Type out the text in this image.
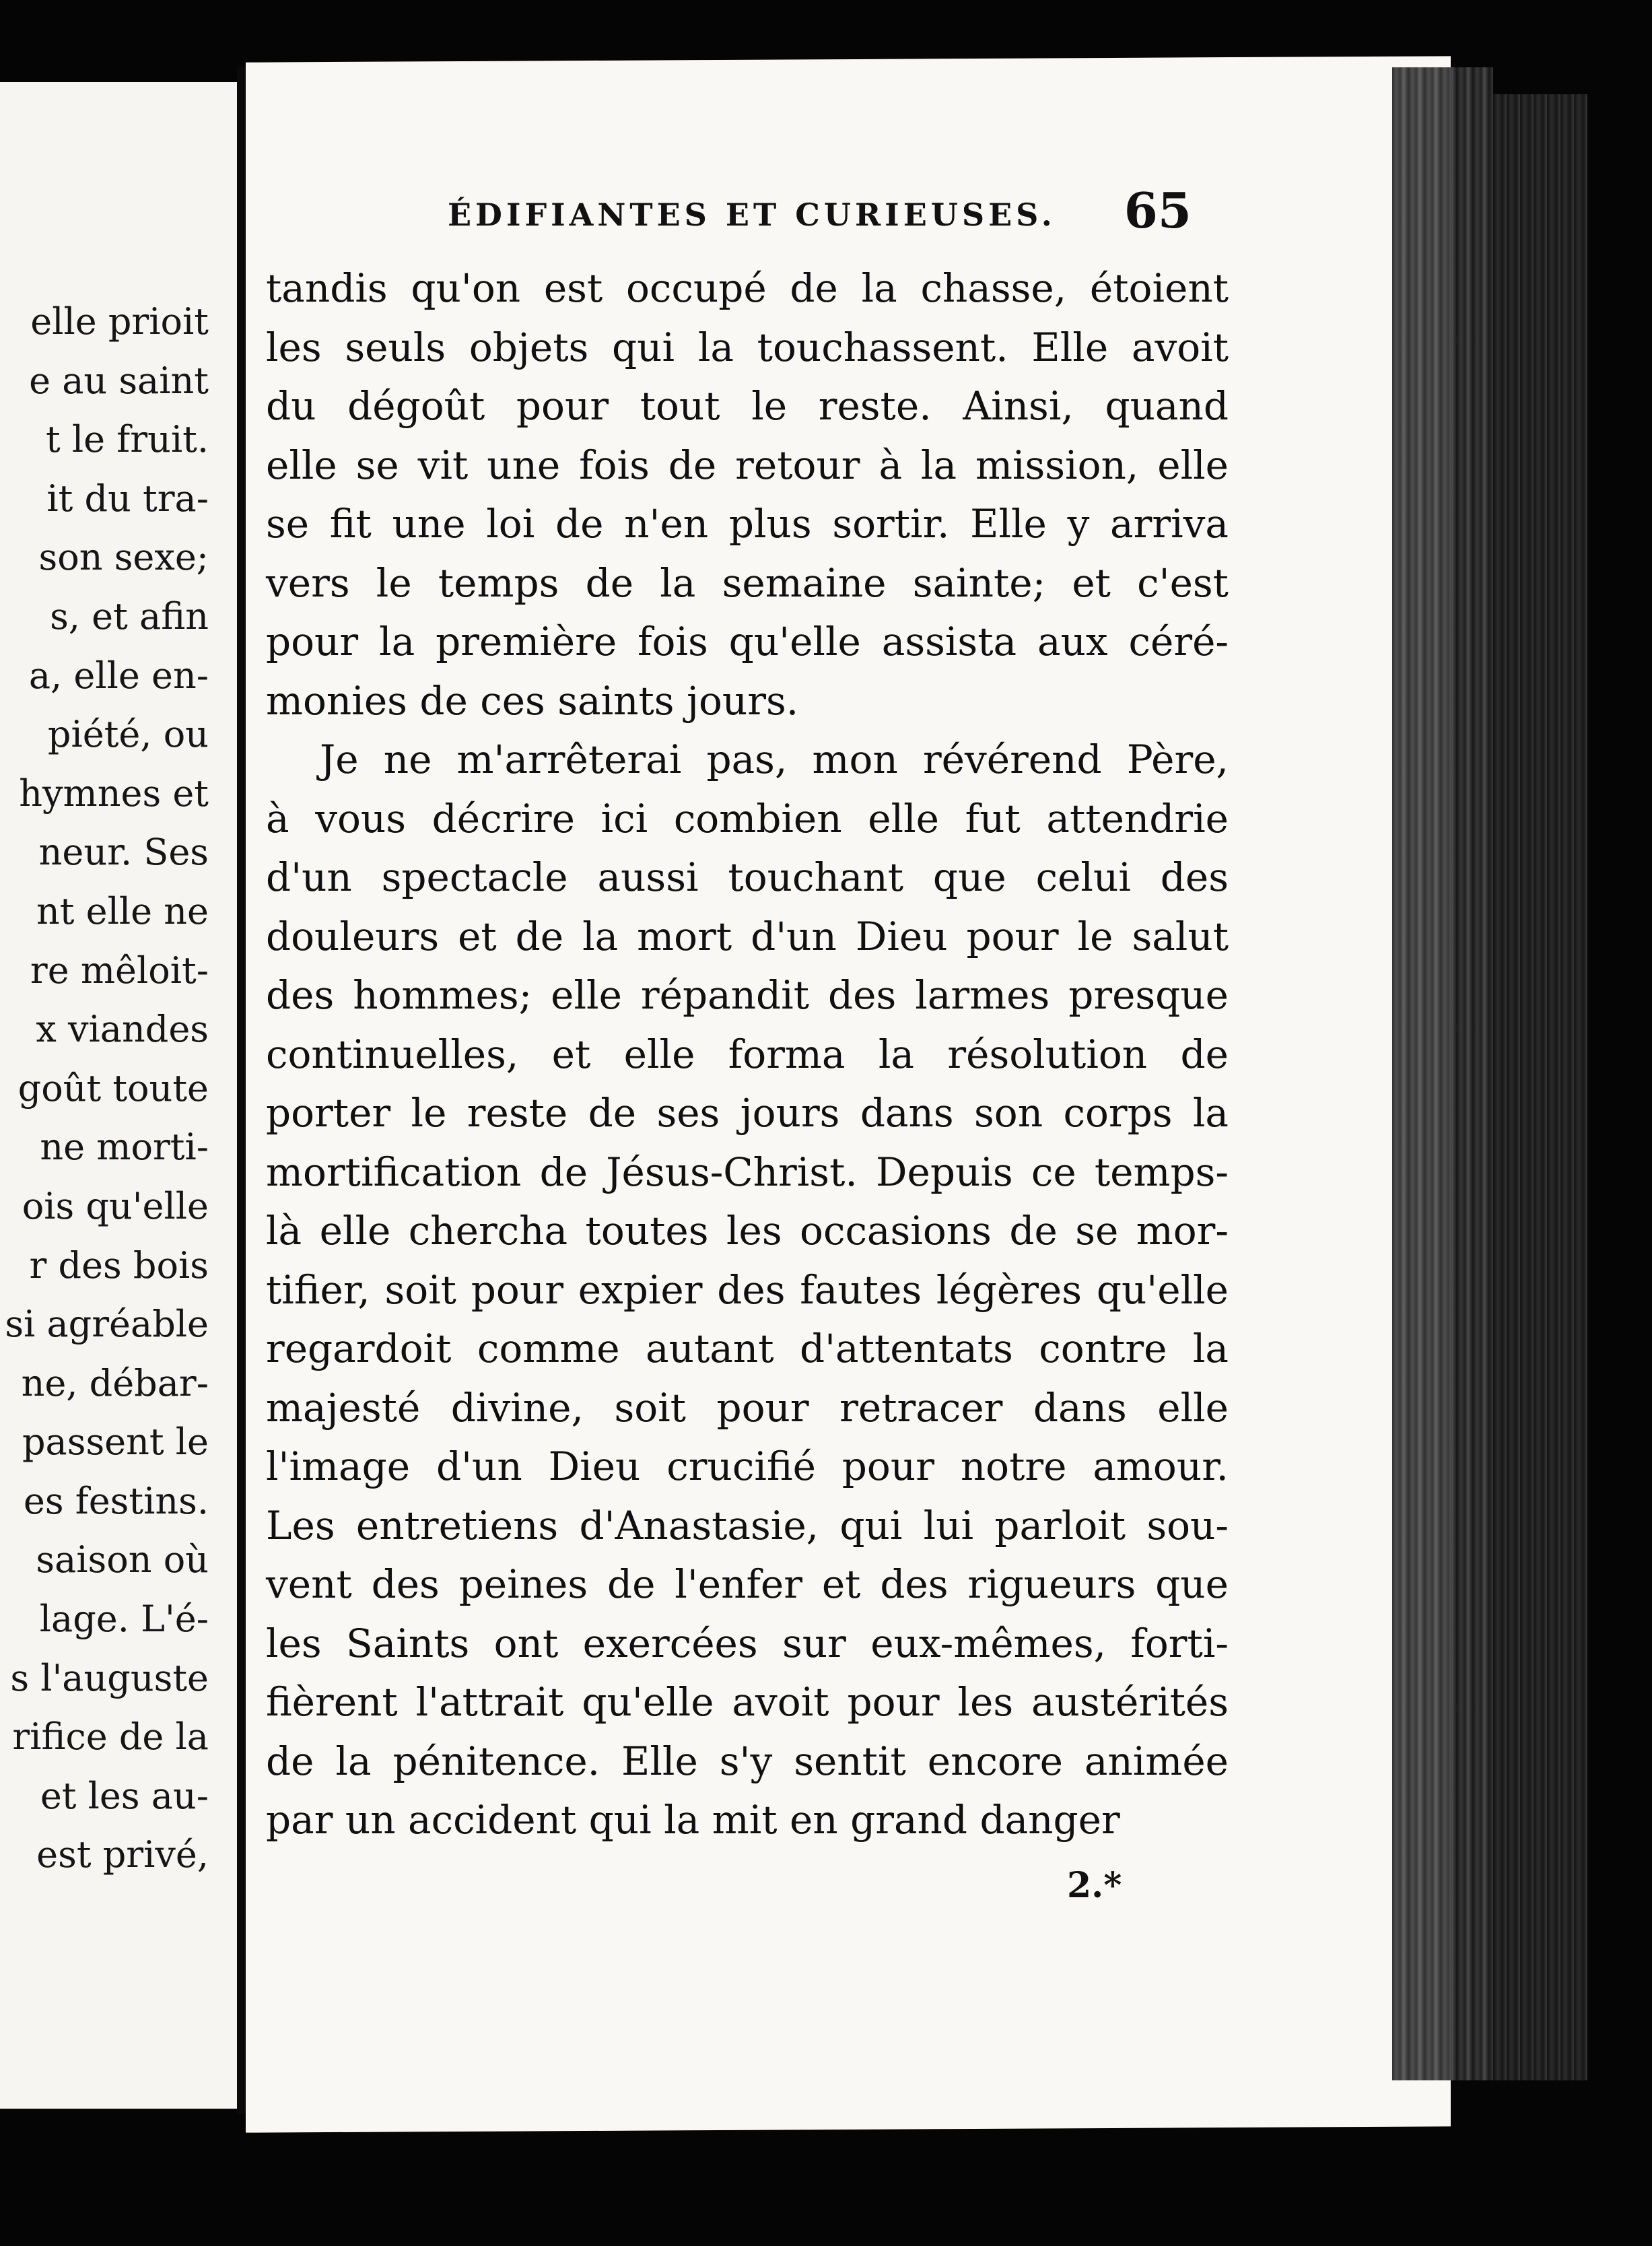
elle prioit
e au saint
t le fruit.
it du tra-
son sexe;
s, et afin
a, elle en-
piété, ou
hymnes et
neur. Ses
nt elle ne
re mêloit-
x viandes
goût toute
ne morti-
ois qu'elle
r des bois
si agréable
ne, débar-
passent le
es festins.
saison où
lage. L'é-
s l'auguste
rifice de la
et les au-
est privé,
ÉDIFIANTES ET CURIEUSES. 65
tandis qu'on est occupé de la chasse, étoient
les seuls objets qui la touchassent. Elle avoit
du dégoût pour tout le reste. Ainsi, quand
elle se vit une fois de retour à la mission, elle
se fit une loi de n'en plus sortir. Elle y arriva
vers le temps de la semaine sainte; et c'est
pour la première fois qu'elle assista aux céré-
monies de ces saints jours.
Je ne m'arrêterai pas, mon révérend Père,
à vous décrire ici combien elle fut attendrie
d'un spectacle aussi touchant que celui des
douleurs et de la mort d'un Dieu pour le salut
des hommes; elle répandit des larmes presque
continuelles, et elle forma la résolution de
porter le reste de ses jours dans son corps la
mortification de Jésus-Christ. Depuis ce temps-
là elle chercha toutes les occasions de se mor-
tifier, soit pour expier des fautes légères qu'elle
regardoit comme autant d'attentats contre la
majesté divine, soit pour retracer dans elle
l'image d'un Dieu crucifié pour notre amour.
Les entretiens d'Anastasie, qui lui parloit sou-
vent des peines de l'enfer et des rigueurs que
les Saints ont exercées sur eux-mêmes, forti-
fièrent l'attrait qu'elle avoit pour les austérités
de la pénitence. Elle s'y sentit encore animée
par un accident qui la mit en grand danger
2.*
